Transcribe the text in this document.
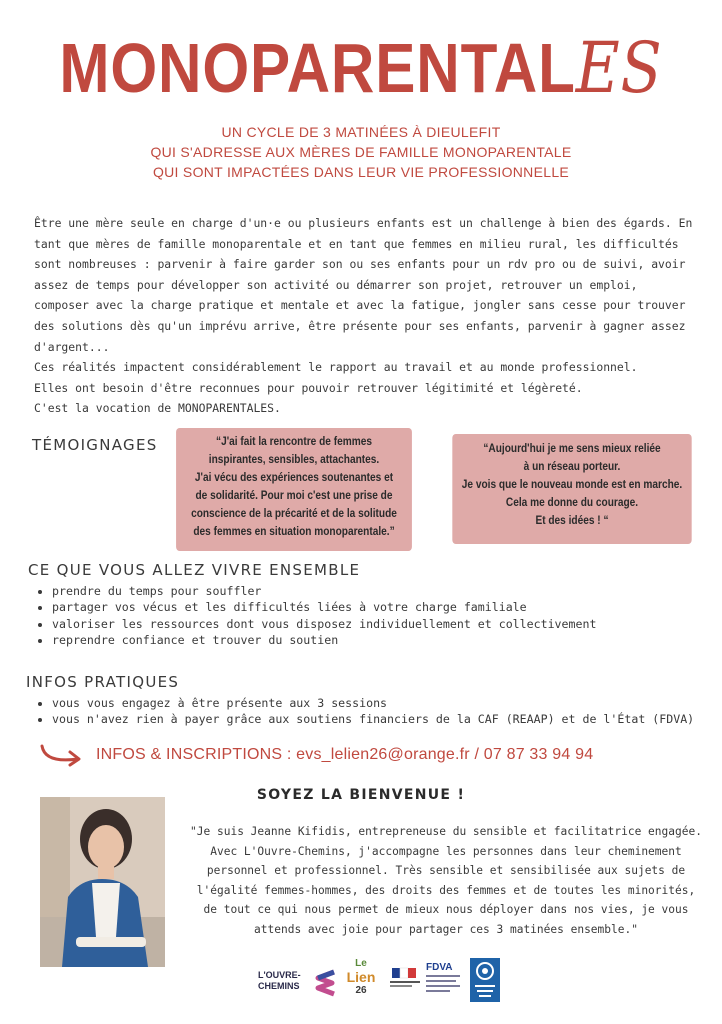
MONOPARENTALES
UN CYCLE DE 3 MATINÉES À DIEULEFIT
QUI S'ADRESSE AUX MÈRES DE FAMILLE MONOPARENTALE
QUI SONT IMPACTÉES DANS LEUR VIE PROFESSIONNELLE

Être une mère seule en charge d'un·e ou plusieurs enfants est un challenge à bien des égards. En tant que mères de famille monoparentale et en tant que femmes en milieu rural, les difficultés sont nombreuses : parvenir à faire garder son ou ses enfants pour un rdv pro ou de suivi, avoir assez de temps pour développer son activité ou démarrer son projet, retrouver un emploi, composer avec la charge pratique et mentale et avec la fatigue, jongler sans cesse pour trouver des solutions dès qu'un imprévu arrive, être présente pour ses enfants, parvenir à gagner assez d'argent...

Ces réalités impactent considérablement le rapport au travail et au monde professionnel.

Elles ont besoin d'être reconnues pour pouvoir retrouver légitimité et légèreté.

C'est la vocation de MONOPARENTALES.

TÉMOIGNAGES	“J'ai fait la rencontre de femmes

inspirantes, sensibles, attachantes.

J'ai vécu des expériences soutenantes et

de solidarité. Pour moi c'est une prise de

conscience de la précarité et de la solitude

des femmes en situation monoparentale.”

“Aujourd'hui je me sens mieux reliée

à un réseau porteur.

Je vois que le nouveau monde est en marche.

Cela me donne du courage.

Et des idées ! “

CE QUE VOUS ALLEZ VIVRE ENSEMBLE
• prendre du temps pour souffler
• partager vos vécus et les difficultés liées à votre charge familiale
• valoriser les ressources dont vous disposez individuellement et collectivement
• reprendre confiance et trouver du soutien
INFOS PRATIQUES
• vous vous engagez à être présente aux 3 sessions
• vous n'avez rien à payer grâce aux soutiens financiers de la CAF (REAAP) et de l'État (FDVA)
INFOS & INSCRIPTIONS : evs_lelien26@orange.fr / 07 87 33 94 94
SOYEZ LA BIENVENUE !

"Je suis Jeanne Kifidis, entrepreneuse du sensible et facilitatrice engagée.

Avec L'Ouvre-Chemins, j'accompagne les personnes dans leur cheminement

personnel et professionnel. Très sensible et sensibilisée aux sujets de

l'égalité femmes-hommes, des droits des femmes et de toutes les minorités,

de tout ce qui nous permet de mieux nous déployer dans nos vies, je vous

attends avec joie pour partager ces 3 matinées ensemble."

L'OUVRE-
CHEMINS
Le
Lien
26
FDVA
